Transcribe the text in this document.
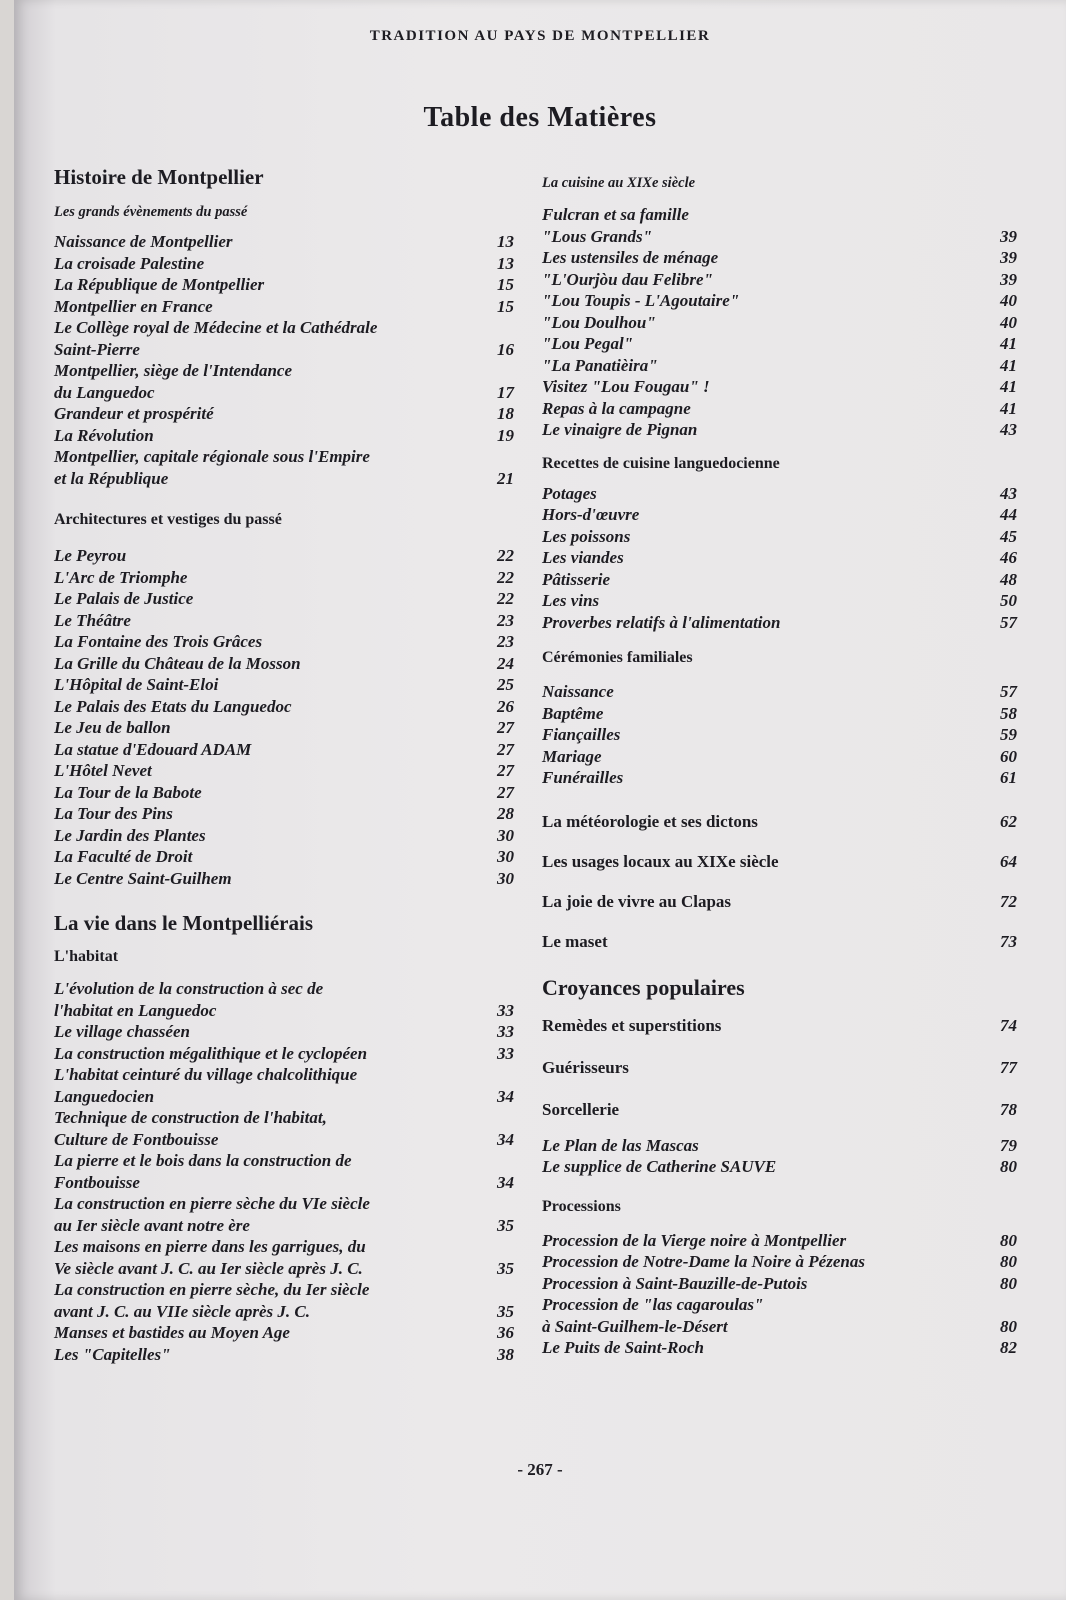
TRADITION AU PAYS DE MONTPELLIER
Table des Matières
Histoire de Montpellier
Les grands évènements du passé
Naissance de Montpellier	13
La croisade Palestine	13
La République de Montpellier	15
Montpellier en France	15
Le Collège royal de Médecine et la Cathédrale
Saint-Pierre	16
Montpellier, siège de l'Intendance
du Languedoc	17
Grandeur et prospérité	18
La Révolution	19
Montpellier, capitale régionale sous l'Empire
et la République	21
Architectures et vestiges du passé
Le Peyrou	22
L'Arc de Triomphe	22
Le Palais de Justice	22
Le Théâtre	23
La Fontaine des Trois Grâces	23
La Grille du Château de la Mosson	24
L'Hôpital de Saint-Eloi	25
Le Palais des Etats du Languedoc	26
Le Jeu de ballon	27
La statue d'Edouard ADAM	27
L'Hôtel Nevet	27
La Tour de la Babote	27
La Tour des Pins	28
Le Jardin des Plantes	30
La Faculté de Droit	30
Le Centre Saint-Guilhem	30
La vie dans le Montpelliérais
L'habitat
L'évolution de la construction à sec de
l'habitat en Languedoc	33
Le village chasséen	33
La construction mégalithique et le cyclopéen	33
L'habitat ceinturé du village chalcolithique
Languedocien	34
Technique de construction de l'habitat,
Culture de Fontbouisse	34
La pierre et le bois dans la construction de
Fontbouisse	34
La construction en pierre sèche du VIe siècle
au Ier siècle avant notre ère	35
Les maisons en pierre dans les garrigues, du
Ve siècle avant J. C. au Ier siècle après J. C.	35
La construction en pierre sèche, du Ier siècle
avant J. C. au VIIe siècle après J. C.	35
Manses et bastides au Moyen Age	36
Les "Capitelles"	38
La cuisine au XIXe siècle
Fulcran et sa famille
"Lous Grands"	39
Les ustensiles de ménage	39
"L'Ourjòu dau Felibre"	39
"Lou Toupis - L'Agoutaire"	40
"Lou Doulhou"	40
"Lou Pegal"	41
"La Panatièira"	41
Visitez "Lou Fougau" !	41
Repas à la campagne	41
Le vinaigre de Pignan	43
Recettes de cuisine languedocienne
Potages	43
Hors-d'œuvre	44
Les poissons	45
Les viandes	46
Pâtisserie	48
Les vins	50
Proverbes relatifs à l'alimentation	57
Cérémonies familiales
Naissance	57
Baptême	58
Fiançailles	59
Mariage	60
Funérailles	61
La météorologie et ses dictons	62
Les usages locaux au XIXe siècle	64
La joie de vivre au Clapas	72
Le maset	73
Croyances populaires
Remèdes et superstitions	74
Guérisseurs	77
Sorcellerie	78
Le Plan de las Mascas	79
Le supplice de Catherine SAUVE	80
Processions
Procession de la Vierge noire à Montpellier	80
Procession de Notre-Dame la Noire à Pézenas	80
Procession à Saint-Bauzille-de-Putois	80
Procession de "las cagaroulas"
à Saint-Guilhem-le-Désert	80
Le Puits de Saint-Roch	82
- 267 -
